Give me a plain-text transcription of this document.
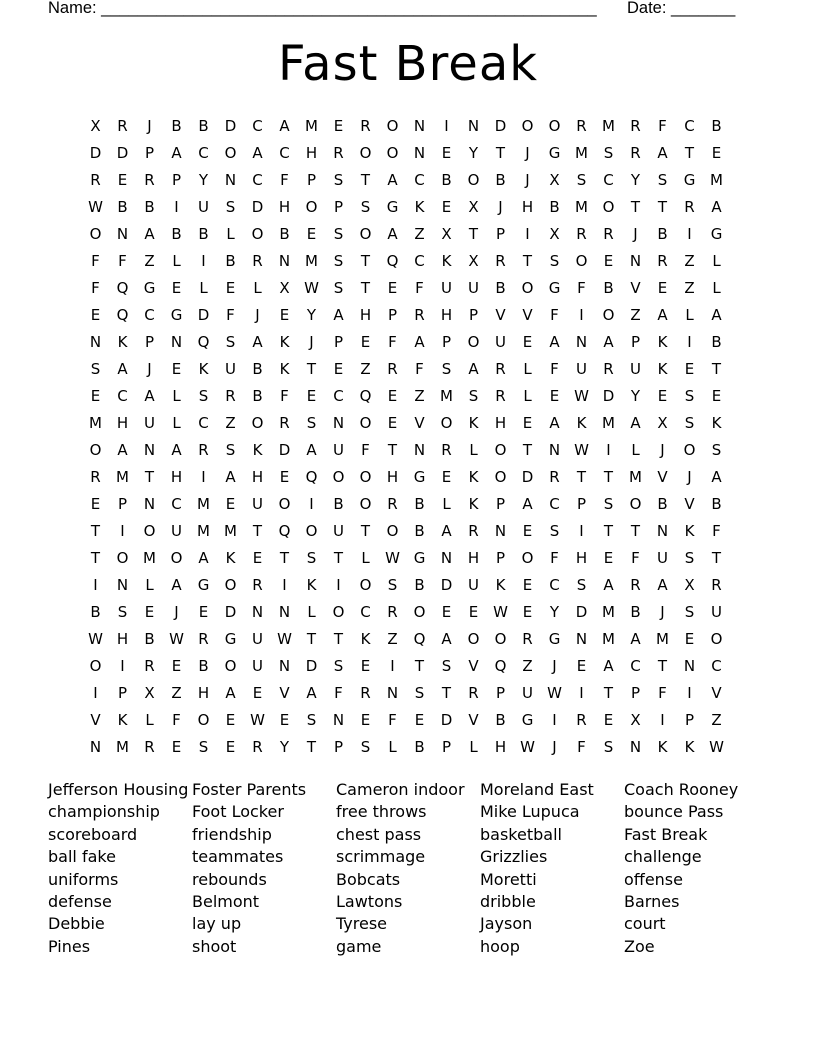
Name: ______________________________________________________ Date: _______
Fast Break
X	R	J	B	B	D	C	A	M	E	R	O	N	I	N	D	O	O	R	M	R	F	C	B
D	D	P	A	C	O	A	C	H	R	O	O	N	E	Y	T	J	G M	S	R	A	T	E
R	E	R	P	Y	N	C	F	P	S	T	A	C	B	O	B	J	X	S	C	Y	S	G M
W B	B	I	U	S	D	H	O	P	S	G	K	E	X	J	H	B	M O	T	T	R	A
O	N	A	B	B	L	O	B	E	S	O	A	Z	X	T	P	I	X	R	R	J	B	I	G
F	F	Z	L	I	B	R	N M	S	T	Q	C	K	X	R	T	S	O	E	N	R	Z	L
F	Q	G	E	L	E	L	X W S	T	E	F	U	U	B	O	G	F	B	V	E	Z	L
E	Q	C	G	D	F	J	E	Y	A	H	P	R	H	P	V	V	F	I	O	Z	A	L	A
N	K	P	N	Q	S	A	K	J	P	E	F	A	P	O	U	E	A	N	A	P	K	I	B
S	A	J	E	K	U	B	K	T	E	Z	R	F	S	A	R	L	F	U	R	U	K	E	T
E	C	A	L	S	R	B	F	E	C	Q	E	Z	M	S	R	L	E W D	Y	E	S	E
M H	U	L	C	Z	O	R	S	N	O	E	V	O	K	H	E	A	K	M	A	X	S	K
O	A	N	A	R	S	K	D	A	U	F	T	N	R	L	O	T	N W	I	L	J	O	S
R	M	T	H	I	A	H	E	Q	O	O	H	G	E	K	O	D	R	T	T	M	V	J	A
E	P	N	C	M	E	U	O	I	B	O	R	B	L	K	P	A	C	P	S	O	B	V	B
T	I	O	U	M M	T	Q	O	U	T	O	B	A	R	N	E	S	I	T	T	N	K	F
T	O M O	A	K	E	T	S	T	L	W G	N	H	P	O	F	H	E	F	U	S	T
I	N	L	A	G	O	R	I	K	I	O	S	B	D	U	K	E	C	S	A	R	A	X	R
B	S	E	J	E	D	N	N	L	O	C	R	O	E	E W E	Y	D M	B	J	S	U
W H	B W R	G	U W T	T	K	Z	Q	A	O	O	R	G	N M	A	M	E	O
O	I	R	E	B	O	U	N	D	S	E	I	T	S	V	Q	Z	J	E	A	C	T	N	C
I	P	X	Z	H	A	E	V	A	F	R	N	S	T	R	P	U W	I	T	P	F	I	V
V	K	L	F	O	E W E	S	N	E	F	E	D	V	B	G	I	R	E	X	I	P	Z
N M	R	E	S	E	R	Y	T	P	S	L	B	P	L	H W	J	F	S	N	K	K W
Jefferson Housing
championship
scoreboard
ball fake
uniforms
defense
Debbie
Pines
Foster Parents
Foot Locker
friendship
teammates
rebounds
Belmont
lay up
shoot
Cameron indoor
free throws
chest pass
scrimmage
Bobcats
Lawtons
Tyrese
game
Moreland East
Mike Lupuca
basketball
Grizzlies
Moretti
dribble
Jayson
hoop
Coach Rooney
bounce Pass
Fast Break
challenge
offense
Barnes
court
Zoe
